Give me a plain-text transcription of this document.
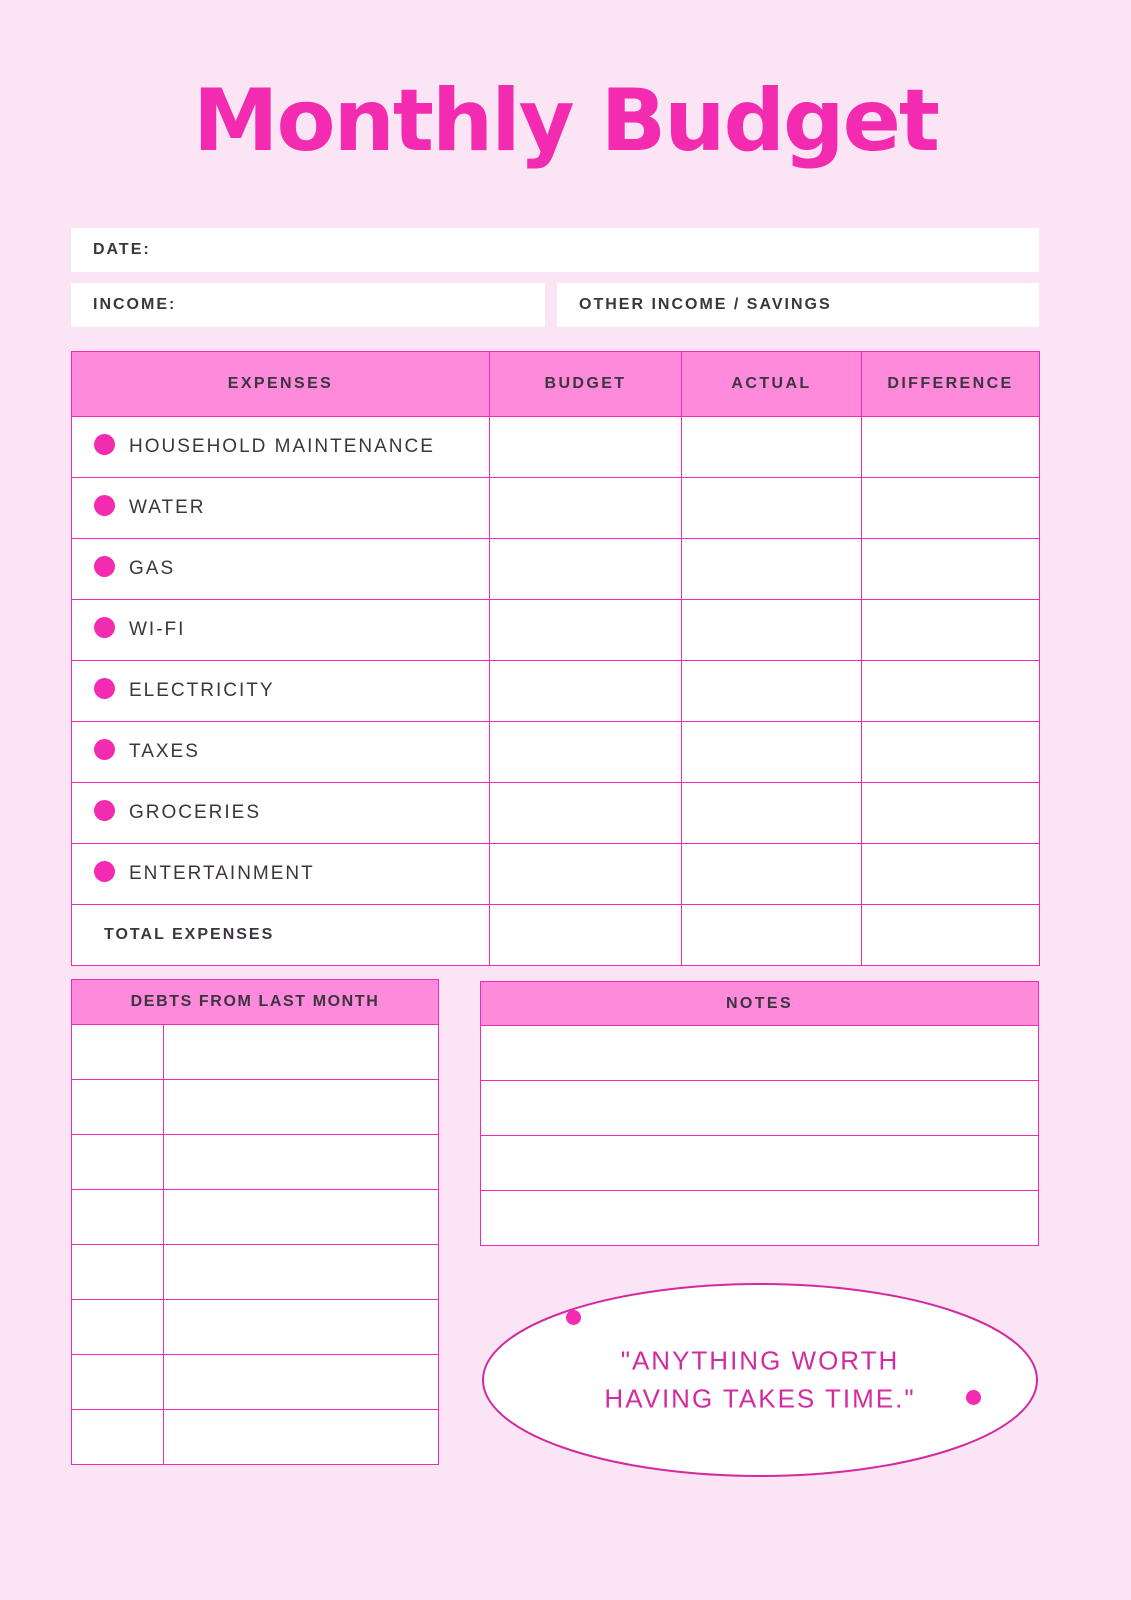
Monthly Budget
DATE:
INCOME:	OTHER INCOME / SAVINGS
EXPENSES	BUDGET	ACTUAL	DIFFERENCE
HOUSEHOLD MAINTENANCE			
WATER			
GAS			
WI-FI			
ELECTRICITY			
TAXES			
GROCERIES			
ENTERTAINMENT			
TOTAL EXPENSES			
DEBTS FROM LAST MONTH	

		NOTES

"ANYTHING WORTH
HAVING TAKES TIME."
